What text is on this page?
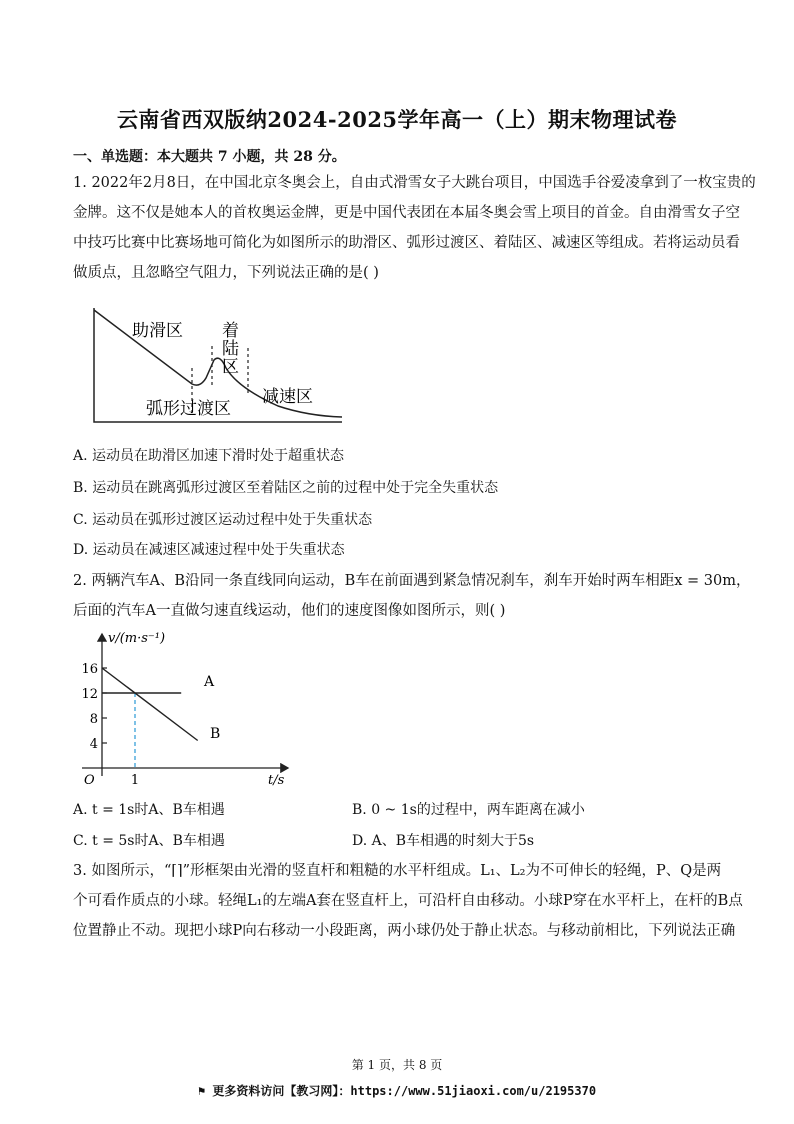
云南省西双版纳2024-2025学年高一（上）期末物理试卷
一、单选题：本大题共 7 小题，共 28 分。
1. 2022年2月8日，在中国北京冬奥会上，自由式滑雪女子大跳台项目，中国选手谷爱凌拿到了一枚宝贵的
金牌。这不仅是她本人的首枚奥运金牌，更是中国代表团在本届冬奥会雪上项目的首金。自由滑雪女子空
中技巧比赛中比赛场地可简化为如图所示的助滑区、弧形过渡区、着陆区、减速区等组成。若将运动员看
做质点，且忽略空气阻力，下列说法正确的是( )
助滑区 着
陆
区
减速区
弧形过渡区
A. 运动员在助滑区加速下滑时处于超重状态
B. 运动员在跳离弧形过渡区至着陆区之前的过程中处于完全失重状态
C. 运动员在弧形过渡区运动过程中处于失重状态
D. 运动员在减速区减速过程中处于失重状态
2. 两辆汽车A、B沿同一条直线同向运动，B车在前面遇到紧急情况刹车，刹车开始时两车相距x = 30m，
后面的汽车A一直做匀速直线运动，他们的速度图像如图所示，则( )
v/(m·s⁻¹)
t/s
O
16
12
8
4
1
A
B
A. t = 1s时A、B车相遇	B. 0 ~ 1s的过程中，两车距离在减小
C. t = 5s时A、B车相遇	D. A、B车相遇的时刻大于5s
3. 如图所示，“⌈⌉”形框架由光滑的竖直杆和粗糙的水平杆组成。L₁、L₂为不可伸长的轻绳，P、Q是两
个可看作质点的小球。轻绳L₁的左端A套在竖直杆上，可沿杆自由移动。小球P穿在水平杆上，在杆的B点
位置静止不动。现把小球P向右移动一小段距离，两小球仍处于静止状态。与移动前相比，下列说法正确
第 1 页，共 8 页
⚑ 更多资料访问【教习网】：https://www.51jiaoxi.com/u/2195370
